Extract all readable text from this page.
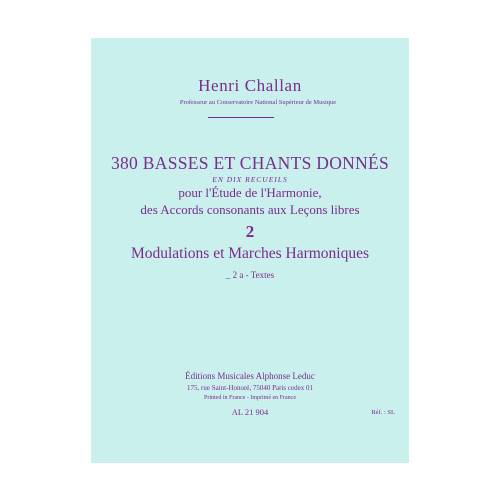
Henri Challan
Professeur au Conservatoire National Supérieur de Musique
380 BASSES ET CHANTS DONNÉS
EN DIX RECUEILS
pour l'Étude de l'Harmonie,
des Accords consonants aux Leçons libres
2
Modulations et Marches Harmoniques
_ 2 a - Textes
Éditions Musicales Alphonse Leduc
175, rue Saint-Honoré, 75040 Paris cedex 01
Printed in France - Imprimé en France
AL 21 904	Réf. : SL
